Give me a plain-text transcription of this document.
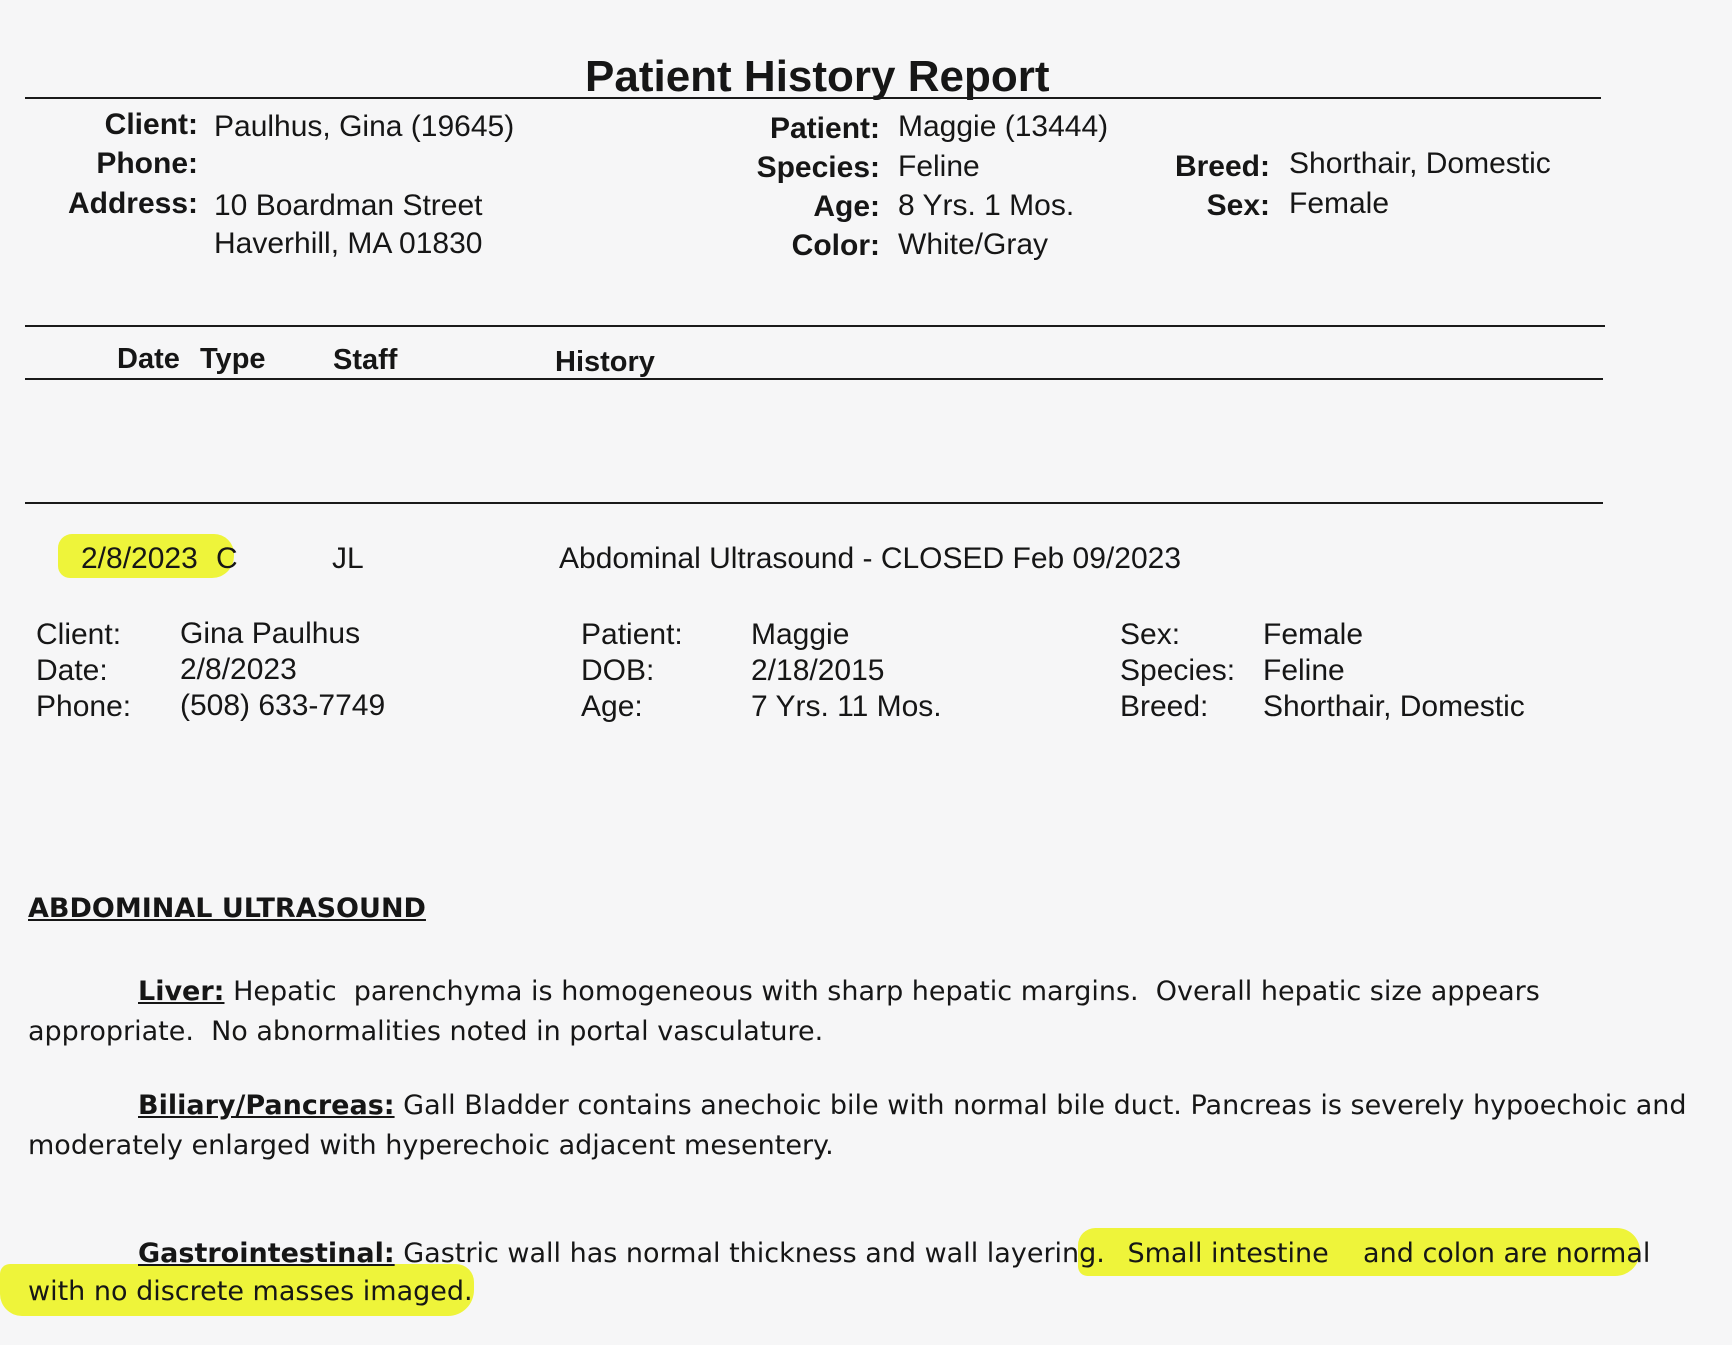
Patient History Report
Client: Paulhus, Gina (19645)
Phone:
Address: 10 Boardman Street
Haverhill, MA 01830
Patient: Maggie (13444)
Species: Feline
Age: 8 Yrs. 1 Mos.
Color: White/Gray
Breed: Shorthair, Domestic
Sex: Female
Date Type Staff	History
2/8/2023 C	JL	Abdominal Ultrasound - CLOSED Feb 09/2023
Client: Gina Paulhus
Date: 2/8/2023
Phone: (508) 633-7749
Patient: Maggie
DOB:	2/18/2015
Age:	7 Yrs. 11 Mos.
Sex:	Female
Species: Feline
Breed: Shorthair, Domestic
ABDOMINAL ULTRASOUND
Liver: Hepatic  parenchyma is homogeneous with sharp hepatic margins.  Overall hepatic size appears
appropriate.  No abnormalities noted in portal vasculature.
Biliary/Pancreas: Gall Bladder contains anechoic bile with normal bile duct. Pancreas is severely hypoechoic and
moderately enlarged with hyperechoic adjacent mesentery.
Gastrointestinal: Gastric wall has normal thickness and wall layering. Small intestine    and colon are normal
with no discrete masses imaged.
